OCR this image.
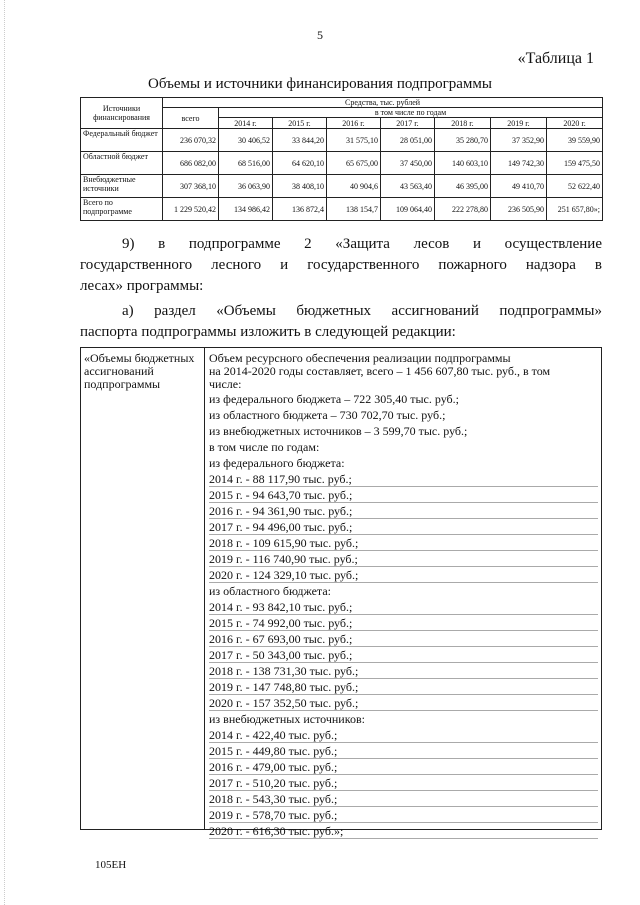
5
«Таблица 1
Объемы и источники финансирования подпрограммы
Источники финансирования	Средства, тыс. рублей							
	всего	в том числе по годам						
		2014 г.	2015 г.	2016 г.	2017 г.	2018 г.	2019 г.	2020 г.
Федеральный бюджет	236 070,32	30 406,52	33 844,20	31 575,10	28 051,00	35 280,70	37 352,90	39 559,90
Областной бюджет	686 082,00	68 516,00	64 620,10	65 675,00	37 450,00	140 603,10	149 742,30	159 475,50
Внебюджетные источники	307 368,10	36 063,90	38 408,10	40 904,6	43 563,40	46 395,00	49 410,70	52 622,40
Всего по подпрограмме	1 229 520,42	134 986,42	136 872,4	138 154,7	109 064,40	222 278,80	236 505,90	251 657,80»;
9) в подпрограмме 2 «Защита лесов и осуществление
государственного лесного и государственного пожарного надзора в
лесах» программы:
а) раздел «Объемы бюджетных ассигнований подпрограммы»
паспорта подпрограммы изложить в следующей редакции:
«Объемы бюджетных ассигнований подпрограммы
Объем ресурсного обеспечения реализации подпрограммы
на 2014-2020 годы составляет, всего – 1 456 607,80 тыс. руб., в том
числе:
из федерального бюджета – 722 305,40 тыс. руб.;
из областного бюджета – 730 702,70 тыс. руб.;
из внебюджетных источников – 3 599,70 тыс. руб.;
в том числе по годам:
из федерального бюджета:
2014 г. - 88 117,90 тыс. руб.;
2015 г. - 94 643,70 тыс. руб.;
2016 г. - 94 361,90 тыс. руб.;
2017 г. - 94 496,00 тыс. руб.;
2018 г. - 109 615,90 тыс. руб.;
2019 г. - 116 740,90 тыс. руб.;
2020 г. - 124 329,10 тыс. руб.;
из областного бюджета:
2014 г. - 93 842,10 тыс. руб.;
2015 г. - 74 992,00 тыс. руб.;
2016 г. - 67 693,00 тыс. руб.;
2017 г. - 50 343,00 тыс. руб.;
2018 г. - 138 731,30 тыс. руб.;
2019 г. - 147 748,80 тыс. руб.;
2020 г. - 157 352,50 тыс. руб.;
из внебюджетных источников:
2014 г. - 422,40 тыс. руб.;
2015 г. - 449,80 тыс. руб.;
2016 г. - 479,00 тыс. руб.;
2017 г. - 510,20 тыс. руб.;
2018 г. - 543,30 тыс. руб.;
2019 г. - 578,70 тыс. руб.;
2020 г. - 616,30 тыс. руб.»;
105ЕН
